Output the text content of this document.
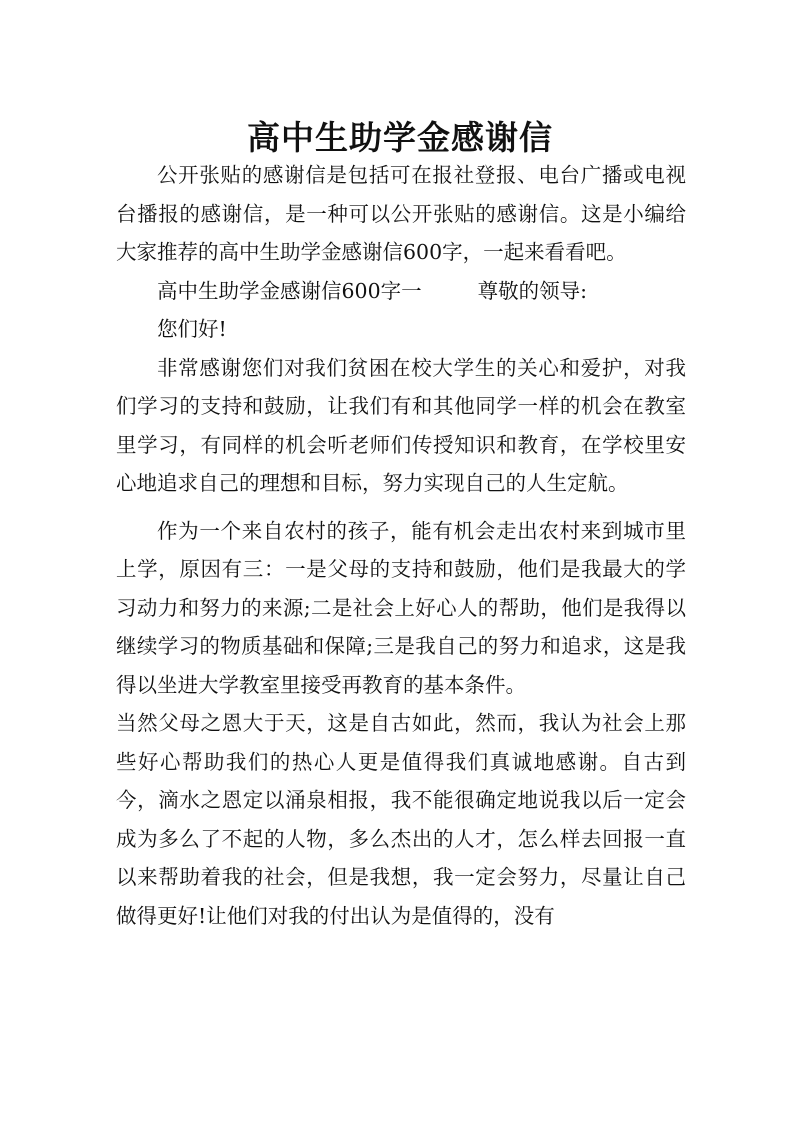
高中生助学金感谢信

公开张贴的感谢信是包括可在报社登报、电台广播或电视台播报的感谢信，是一种可以公开张贴的感谢信。这是小编给大家推荐的高中生助学金感谢信600字，一起来看看吧。

高中生助学金感谢信600字一	尊敬的领导:

您们好!

非常感谢您们对我们贫困在校大学生的关心和爱护，对我们学习的支持和鼓励，让我们有和其他同学一样的机会在教室里学习，有同样的机会听老师们传授知识和教育，在学校里安心地追求自己的理想和目标，努力实现自己的人生定航。

作为一个来自农村的孩子，能有机会走出农村来到城市里上学，原因有三：一是父母的支持和鼓励，他们是我最大的学习动力和努力的来源;二是社会上好心人的帮助，他们是我得以继续学习的物质基础和保障;三是我自己的努力和追求，这是我得以坐进大学教室里接受再教育的基本条件。

当然父母之恩大于天，这是自古如此，然而，我认为社会上那些好心帮助我们的热心人更是值得我们真诚地感谢。自古到今，滴水之恩定以涌泉相报，我不能很确定地说我以后一定会成为多么了不起的人物，多么杰出的人才，怎么样去回报一直以来帮助着我的社会，但是我想，我一定会努力，尽量让自己做得更好!让他们对我的付出认为是值得的，没有
